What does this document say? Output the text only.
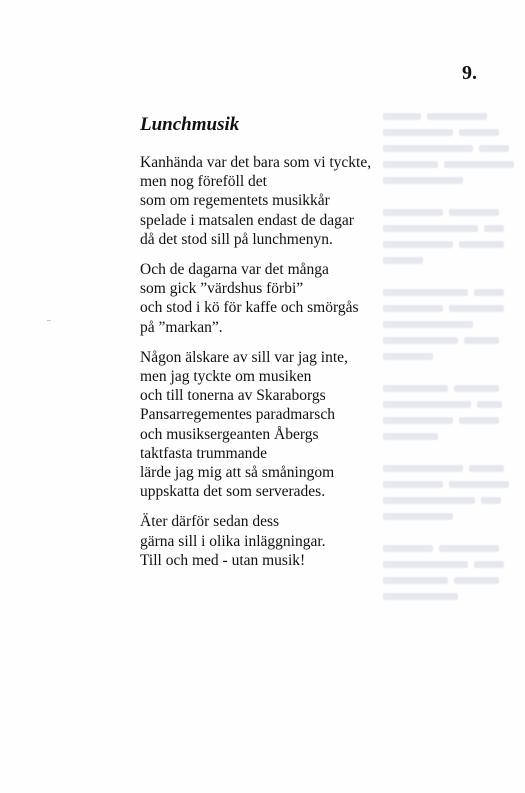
9.
Lunchmusik

Kanhända var det bara som vi tyckte,
men nog föreföll det
som om regementets musikkår
spelade i matsalen endast de dagar
då det stod sill på lunchmenyn.

Och de dagarna var det många
som gick ”värdshus förbi”
och stod i kö för kaffe och smörgås
på ”markan”.

Någon älskare av sill var jag inte,
men jag tyckte om musiken
och till tonerna av Skaraborgs
Pansarregementes paradmarsch
och musiksergeanten Åbergs
taktfasta trummande
lärde jag mig att så småningom
uppskatta det som serverades.

Äter därför sedan dess
gärna sill i olika inläggningar.
Till och med - utan musik!
